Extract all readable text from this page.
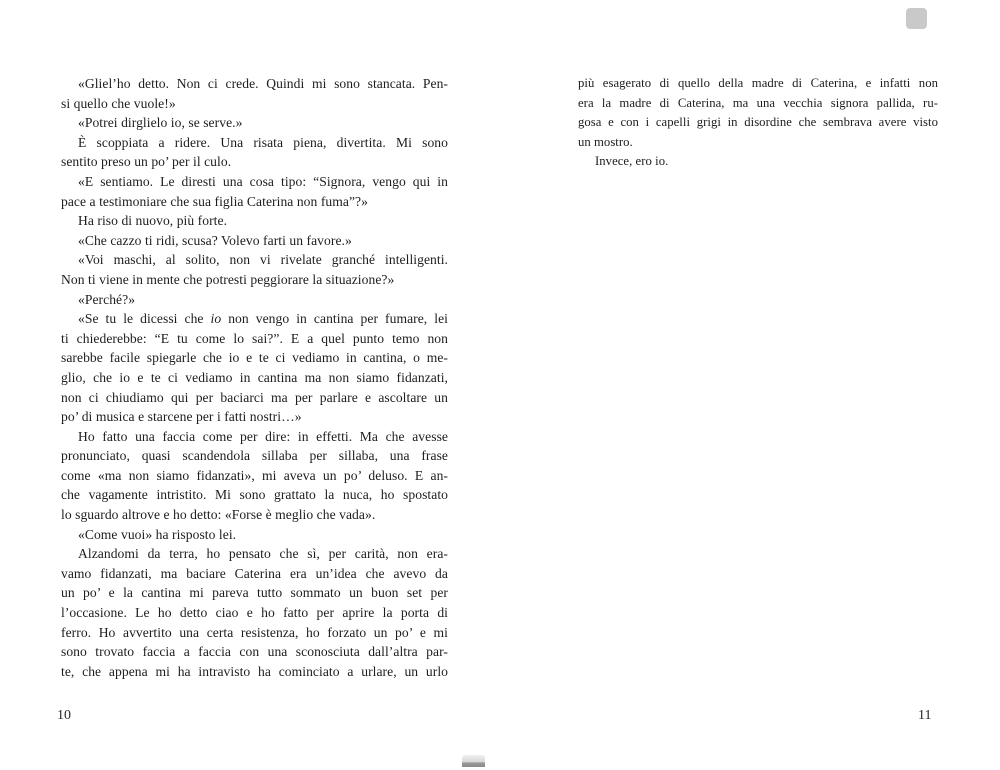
«Gliel’ho detto. Non ci crede. Quindi mi sono stancata. Pen-
si quello che vuole!»
«Potrei dirglielo io, se serve.»
È scoppiata a ridere. Una risata piena, divertita. Mi sono
sentito preso un po’ per il culo.
«E sentiamo. Le diresti una cosa tipo: “Signora, vengo qui in
pace a testimoniare che sua figlia Caterina non fuma”?»
Ha riso di nuovo, più forte.
«Che cazzo ti ridi, scusa? Volevo farti un favore.»
«Voi maschi, al solito, non vi rivelate granché intelligenti.
Non ti viene in mente che potresti peggiorare la situazione?»
«Perché?»
«Se tu le dicessi che io non vengo in cantina per fumare, lei
ti chiederebbe: “E tu come lo sai?”. E a quel punto temo non
sarebbe facile spiegarle che io e te ci vediamo in cantina, o me-
glio, che io e te ci vediamo in cantina ma non siamo fidanzati,
non ci chiudiamo qui per baciarci ma per parlare e ascoltare un
po’ di musica e starcene per i fatti nostri…»
Ho fatto una faccia come per dire: in effetti. Ma che avesse
pronunciato, quasi scandendola sillaba per sillaba, una frase
come «ma non siamo fidanzati», mi aveva un po’ deluso. E an-
che vagamente intristito. Mi sono grattato la nuca, ho spostato
lo sguardo altrove e ho detto: «Forse è meglio che vada».
«Come vuoi» ha risposto lei.
Alzandomi da terra, ho pensato che sì, per carità, non era-
vamo fidanzati, ma baciare Caterina era un’idea che avevo da
un po’ e la cantina mi pareva tutto sommato un buon set per
l’occasione. Le ho detto ciao e ho fatto per aprire la porta di
ferro. Ho avvertito una certa resistenza, ho forzato un po’ e mi
sono trovato faccia a faccia con una sconosciuta dall’altra par-
te, che appena mi ha intravisto ha cominciato a urlare, un urlo
più esagerato di quello della madre di Caterina, e infatti non
era la madre di Caterina, ma una vecchia signora pallida, ru-
gosa e con i capelli grigi in disordine che sembrava avere visto
un mostro.
Invece, ero io.
10	11
